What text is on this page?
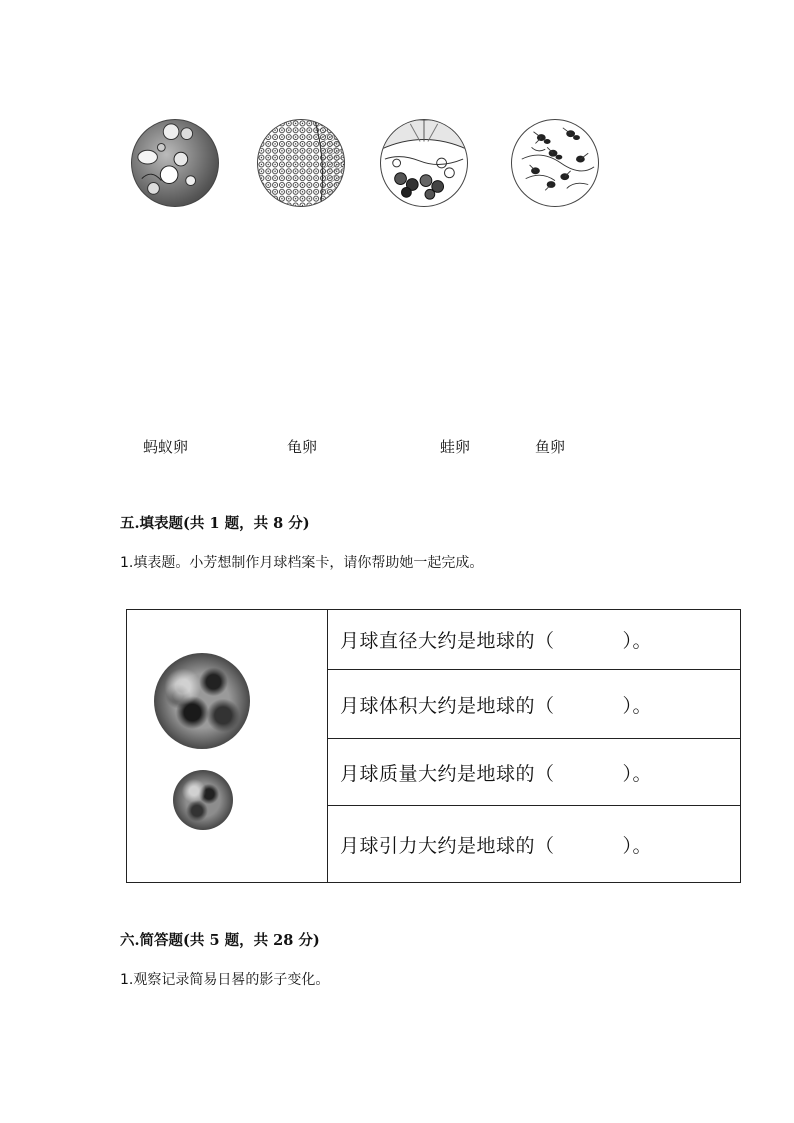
蚂蚁卵	龟卵	蛙卵	鱼卵
五.填表题(共 1 题，共 8 分)
1.填表题。小芳想制作月球档案卡，请你帮助她一起完成。
	月球直径大约是地球的（	）。
月球体积大约是地球的（	）。
月球质量大约是地球的（	）。
月球引力大约是地球的（	）。
六.简答题(共 5 题，共 28 分)
1.观察记录简易日晷的影子变化。
